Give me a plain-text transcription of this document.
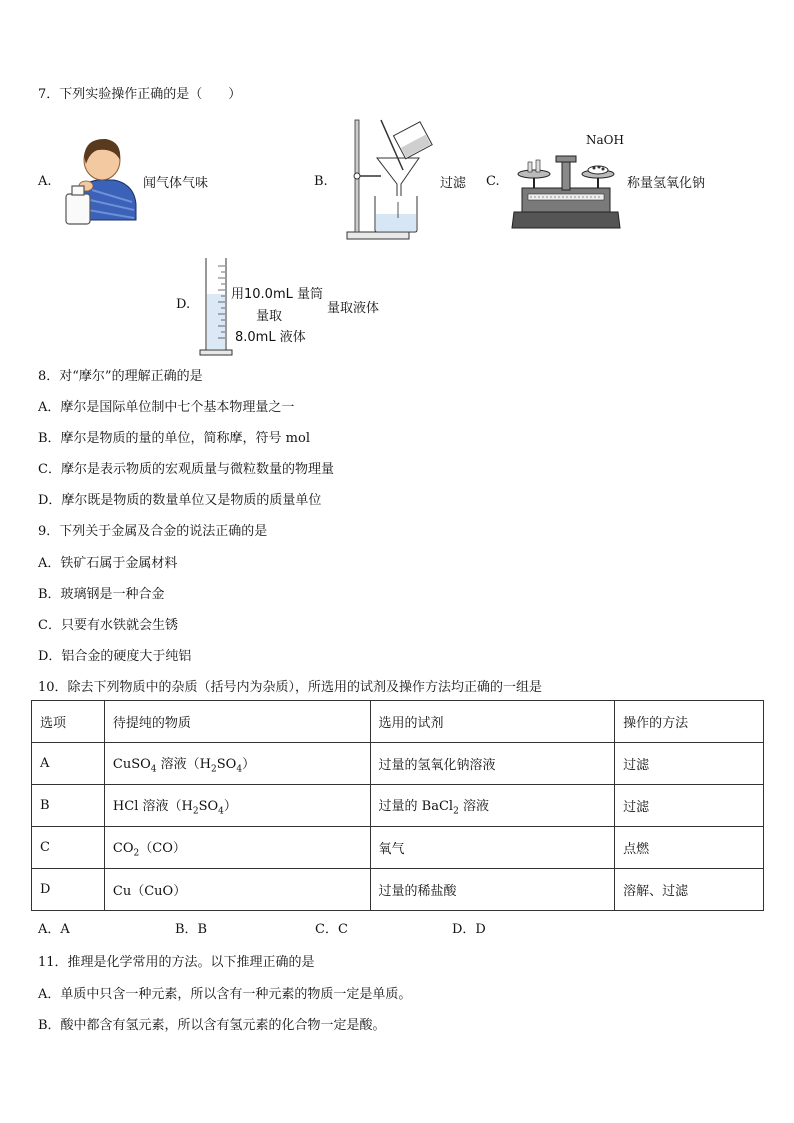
7．下列实验操作正确的是（　　）
A.	闻气体气味	B.	过滤 C.
NaOH
称量氢氧化钠
D.
用10.0mL 量筒
量取
8.0mL 液体
量取液体
8．对“摩尔”的理解正确的是
A．摩尔是国际单位制中七个基本物理量之一
B．摩尔是物质的量的单位，简称摩，符号 mol
C．摩尔是表示物质的宏观质量与微粒数量的物理量
D．摩尔既是物质的数量单位又是物质的质量单位
9．下列关于金属及合金的说法正确的是
A．铁矿石属于金属材料
B．玻璃钢是一种合金
C．只要有水铁就会生锈
D．铝合金的硬度大于纯铝
10．除去下列物质中的杂质（括号内为杂质），所选用的试剂及操作方法均正确的一组是
选项	待提纯的物质	选用的试剂	操作的方法
A	CuSO$_4$ 溶液$(H_2SO_4)$	过量的氢氧化钠溶液	过滤
B	HCl 溶液$(H_2SO_4)$	过量的 BaCl$_2$ 溶液	过滤
C	$CO_2(CO)$	氧气	点燃
D	Cu（CuO）	过量的稀盐酸	溶解、过滤
A．A	B．B	C．C	D．D
11．推理是化学常用的方法。以下推理正确的是
A．单质中只含一种元素，所以含有一种元素的物质一定是单质。
B．酸中都含有氢元素，所以含有氢元素的化合物一定是酸。
